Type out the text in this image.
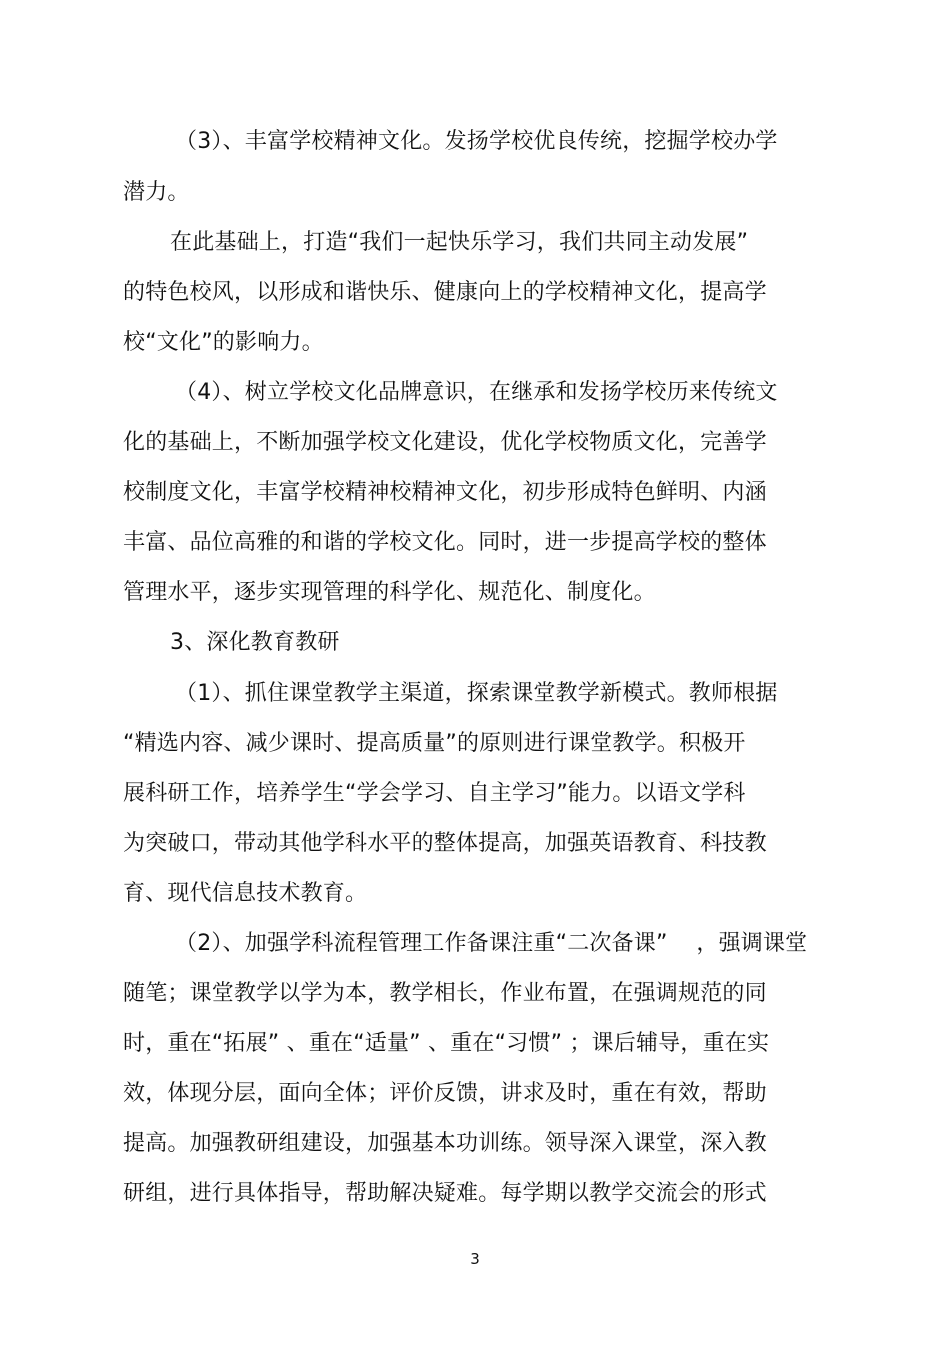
（3）、丰富学校精神文化。发扬学校优良传统，挖掘学校办学
潜力。
在此基础上，打造“我们一起快乐学习，我们共同主动发展”
的特色校风，以形成和谐快乐、健康向上的学校精神文化，提高学
校“文化”的影响力。
（4）、树立学校文化品牌意识，在继承和发扬学校历来传统文
化的基础上，不断加强学校文化建设，优化学校物质文化，完善学
校制度文化，丰富学校精神校精神文化，初步形成特色鲜明、内涵
丰富、品位高雅的和谐的学校文化。同时，进一步提高学校的整体
管理水平，逐步实现管理的科学化、规范化、制度化。
3、深化教育教研
（1）、抓住课堂教学主渠道，探索课堂教学新模式。教师根据
“精选内容、减少课时、提高质量”的原则进行课堂教学。积极开
展科研工作，培养学生“学会学习、自主学习”能力。以语文学科
为突破口，带动其他学科水平的整体提高，加强英语教育、科技教
育、现代信息技术教育。
（2）、加强学科流程管理工作备课注重“二次备课”    ，强调课堂
随笔；课堂教学以学为本，教学相长，作业布置，在强调规范的同
时，重在“拓展” 、重在“适量” 、重在“习惯” ；课后辅导，重在实
效，体现分层，面向全体；评价反馈，讲求及时，重在有效，帮助
提高。加强教研组建设，加强基本功训练。领导深入课堂，深入教
研组，进行具体指导，帮助解决疑难。每学期以教学交流会的形式
3
